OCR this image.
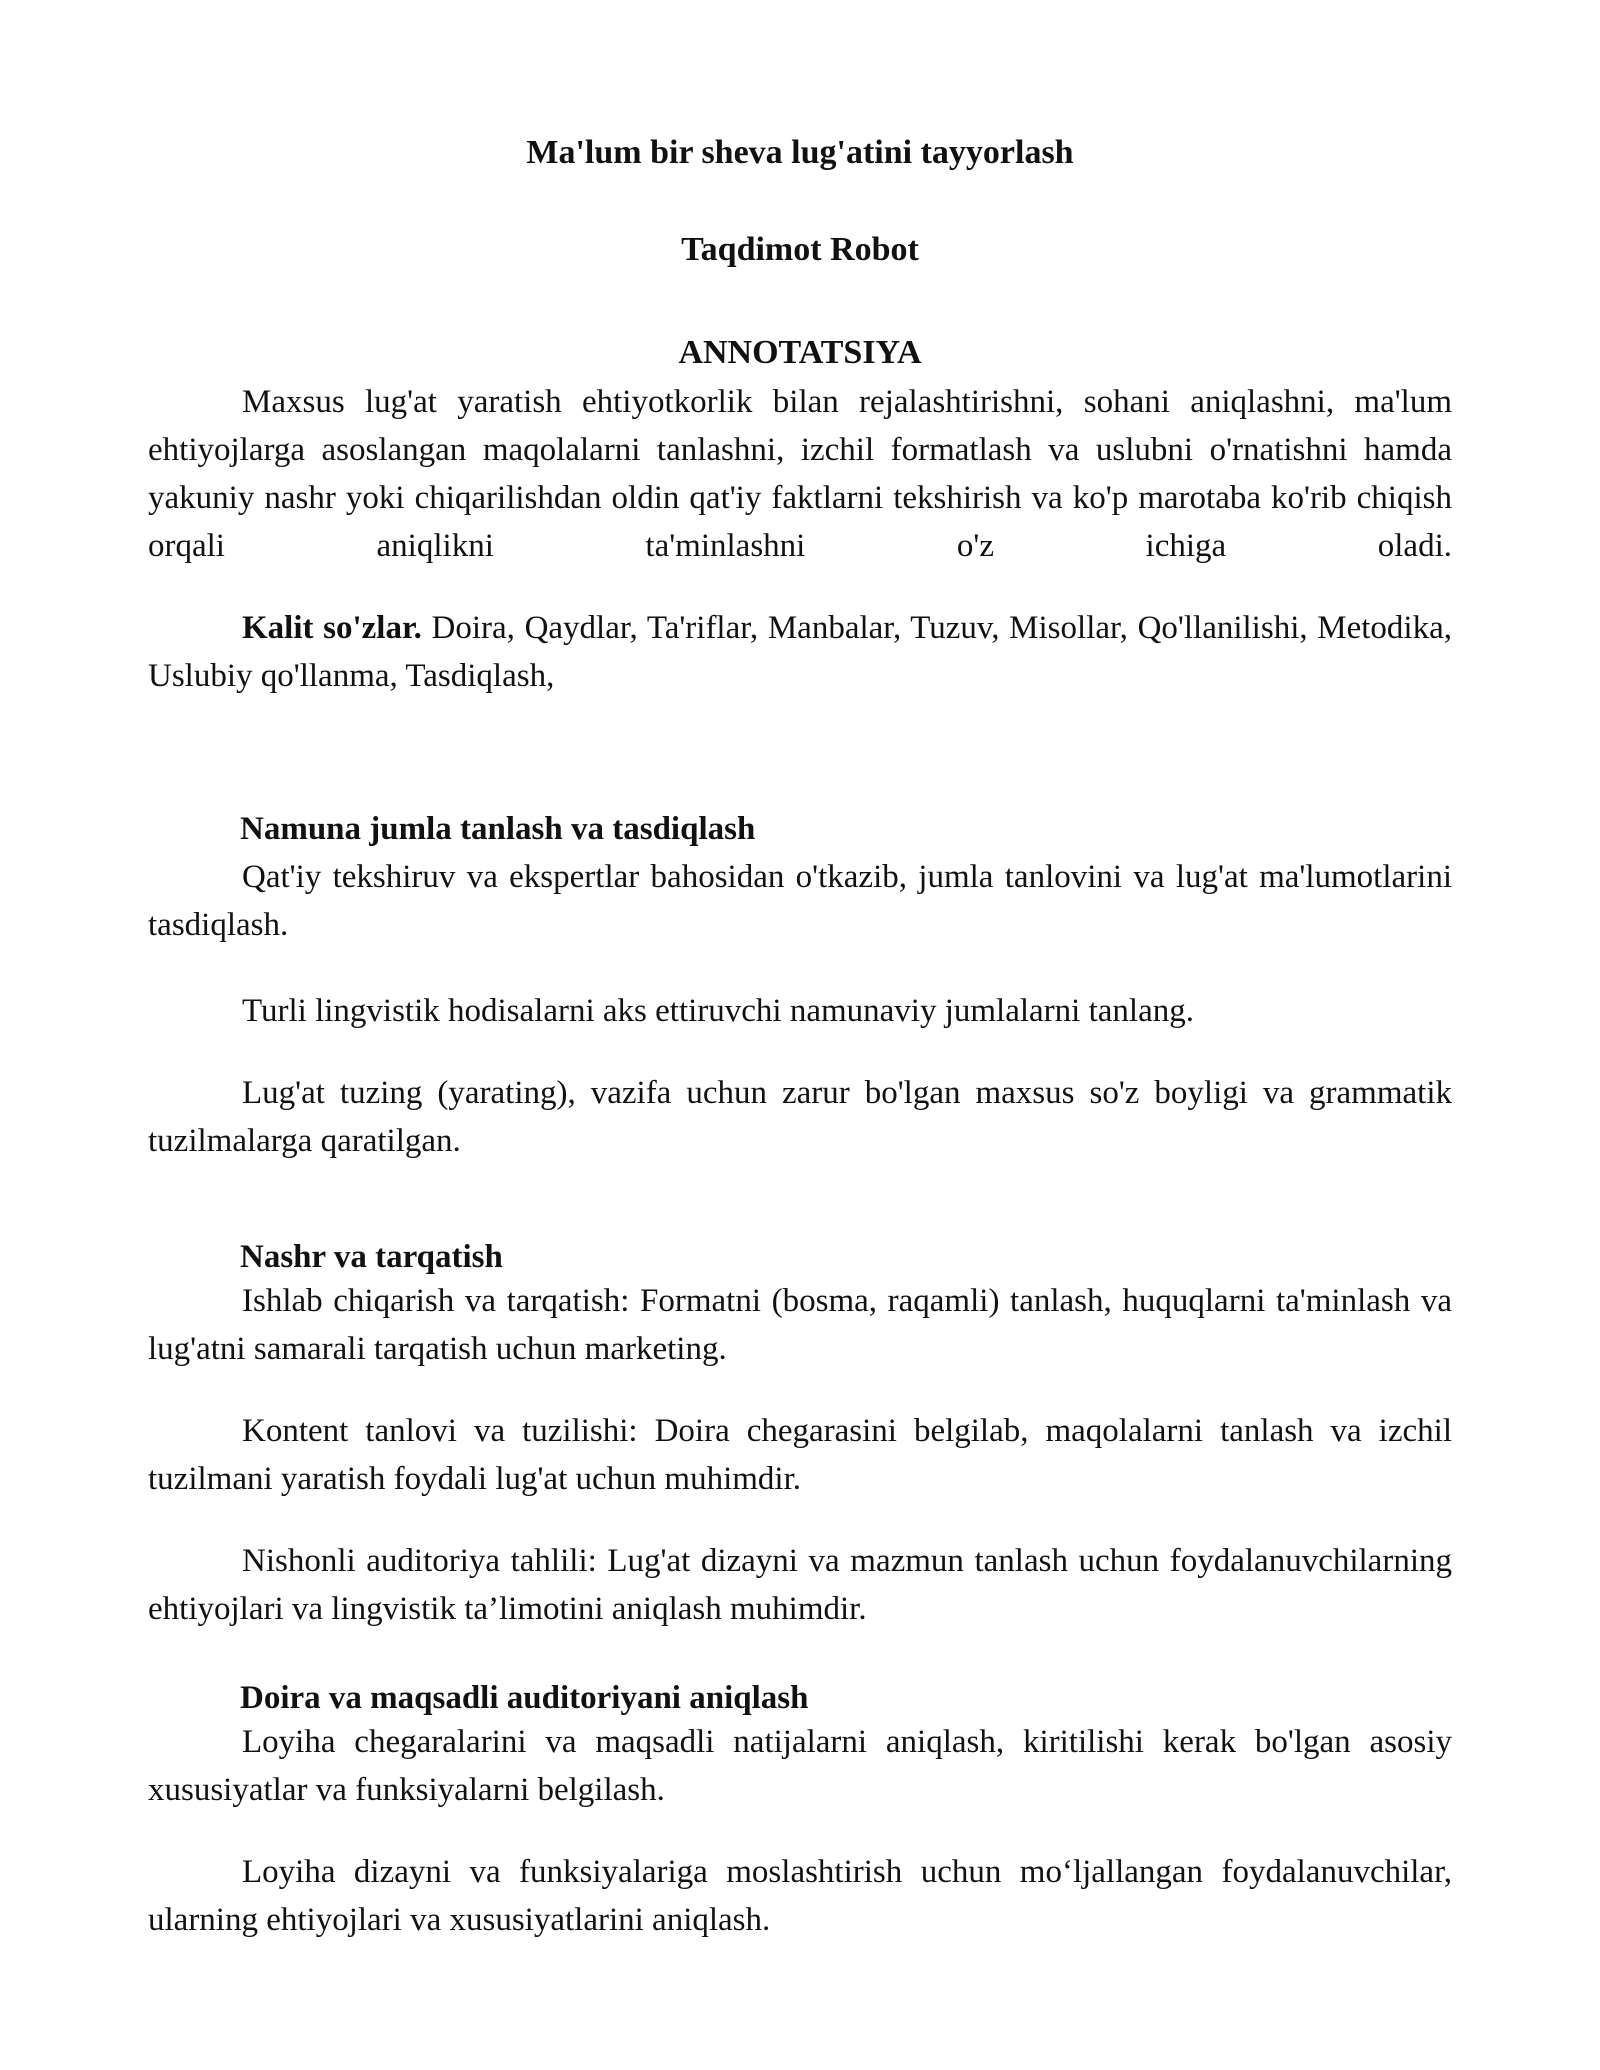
Ma'lum bir sheva lug'atini tayyorlash
Taqdimot Robot
ANNOTATSIYA

Maxsus lug'at yaratish ehtiyotkorlik bilan rejalashtirishni, sohani aniqlashni, ma'lum ehtiyojlarga asoslangan maqolalarni tanlashni, izchil formatlash va uslubni o'rnatishni hamda yakuniy nashr yoki chiqarilishdan oldin qat'iy faktlarni tekshirish va ko'p marotaba ko'rib chiqish orqali aniqlikni ta'minlashni o'z ichiga oladi.

Kalit so'zlar. Doira, Qaydlar, Ta'riflar, Manbalar, Tuzuv, Misollar, Qo'llanilishi, Metodika, Uslubiy qo'llanma, Tasdiqlash,

Namuna jumla tanlash va tasdiqlash

Qat'iy tekshiruv va ekspertlar bahosidan o'tkazib, jumla tanlovini va lug'at ma'lumotlarini tasdiqlash.

Turli lingvistik hodisalarni aks ettiruvchi namunaviy jumlalarni tanlang.

Lug'at tuzing (yarating), vazifa uchun zarur bo'lgan maxsus so'z boyligi va grammatik tuzilmalarga qaratilgan.

Nashr va tarqatish

Ishlab chiqarish va tarqatish: Formatni (bosma, raqamli) tanlash, huquqlarni ta'minlash va lug'atni samarali tarqatish uchun marketing.

Kontent tanlovi va tuzilishi: Doira chegarasini belgilab, maqolalarni tanlash va izchil tuzilmani yaratish foydali lug'at uchun muhimdir.

Nishonli auditoriya tahlili: Lug'at dizayni va mazmun tanlash uchun foydalanuvchilarning ehtiyojlari va lingvistik ta’limotini aniqlash muhimdir.

Doira va maqsadli auditoriyani aniqlash

Loyiha chegaralarini va maqsadli natijalarni aniqlash, kiritilishi kerak bo'lgan asosiy xususiyatlar va funksiyalarni belgilash.

Loyiha dizayni va funksiyalariga moslashtirish uchun mo‘ljallangan foydalanuvchilar, ularning ehtiyojlari va xususiyatlarini aniqlash.
